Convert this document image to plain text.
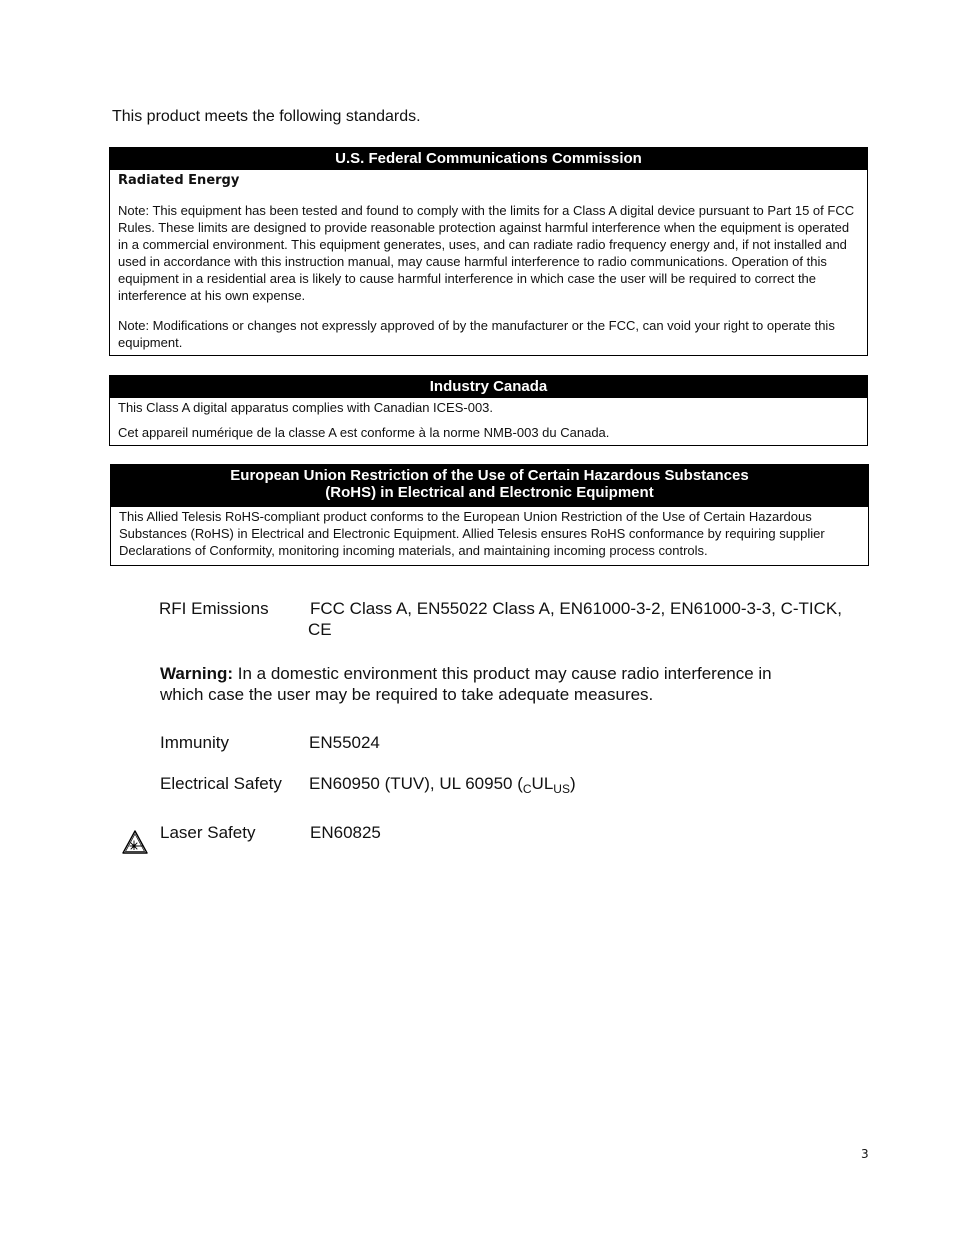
This product meets the following standards.
U.S. Federal Communications Commission

Radiated Energy

Note: This equipment has been tested and found to comply with the limits for a Class A digital device pursuant to Part 15 of FCC Rules. These limits are designed to provide reasonable protection against harmful interference when the equipment is operated in a commercial environment. This equipment generates, uses, and can radiate radio frequency energy and, if not installed and used in accordance with this instruction manual, may cause harmful interference to radio communications. Operation of this equipment in a residential area is likely to cause harmful interference in which case the user will be required to correct the interference at his own expense.

Note: Modifications or changes not expressly approved of by the manufacturer or the FCC, can void your right to operate this equipment.

Industry Canada

This Class A digital apparatus complies with Canadian ICES-003.

Cet appareil numérique de la classe A est conforme à la norme NMB-003 du Canada.

European Union Restriction of the Use of Certain Hazardous Substances
(RoHS) in Electrical and Electronic Equipment

This Allied Telesis RoHS-compliant product conforms to the European Union Restriction of the Use of Certain Hazardous Substances (RoHS) in Electrical and Electronic Equipment. Allied Telesis ensures RoHS conformance by requiring supplier Declarations of Conformity, monitoring incoming materials, and maintaining incoming process controls.

RFI Emissions FCC Class A, EN55022 Class A, EN61000-3-2, EN61000-3-3, C-TICK,
CE
Warning: In a domestic environment this product may cause radio interference in which case the user may be required to take adequate measures.
Immunity	EN55024
Electrical Safety EN60950 (TUV), UL 60950 $(_CUL_{US})$
Laser Safety	EN60825
3
